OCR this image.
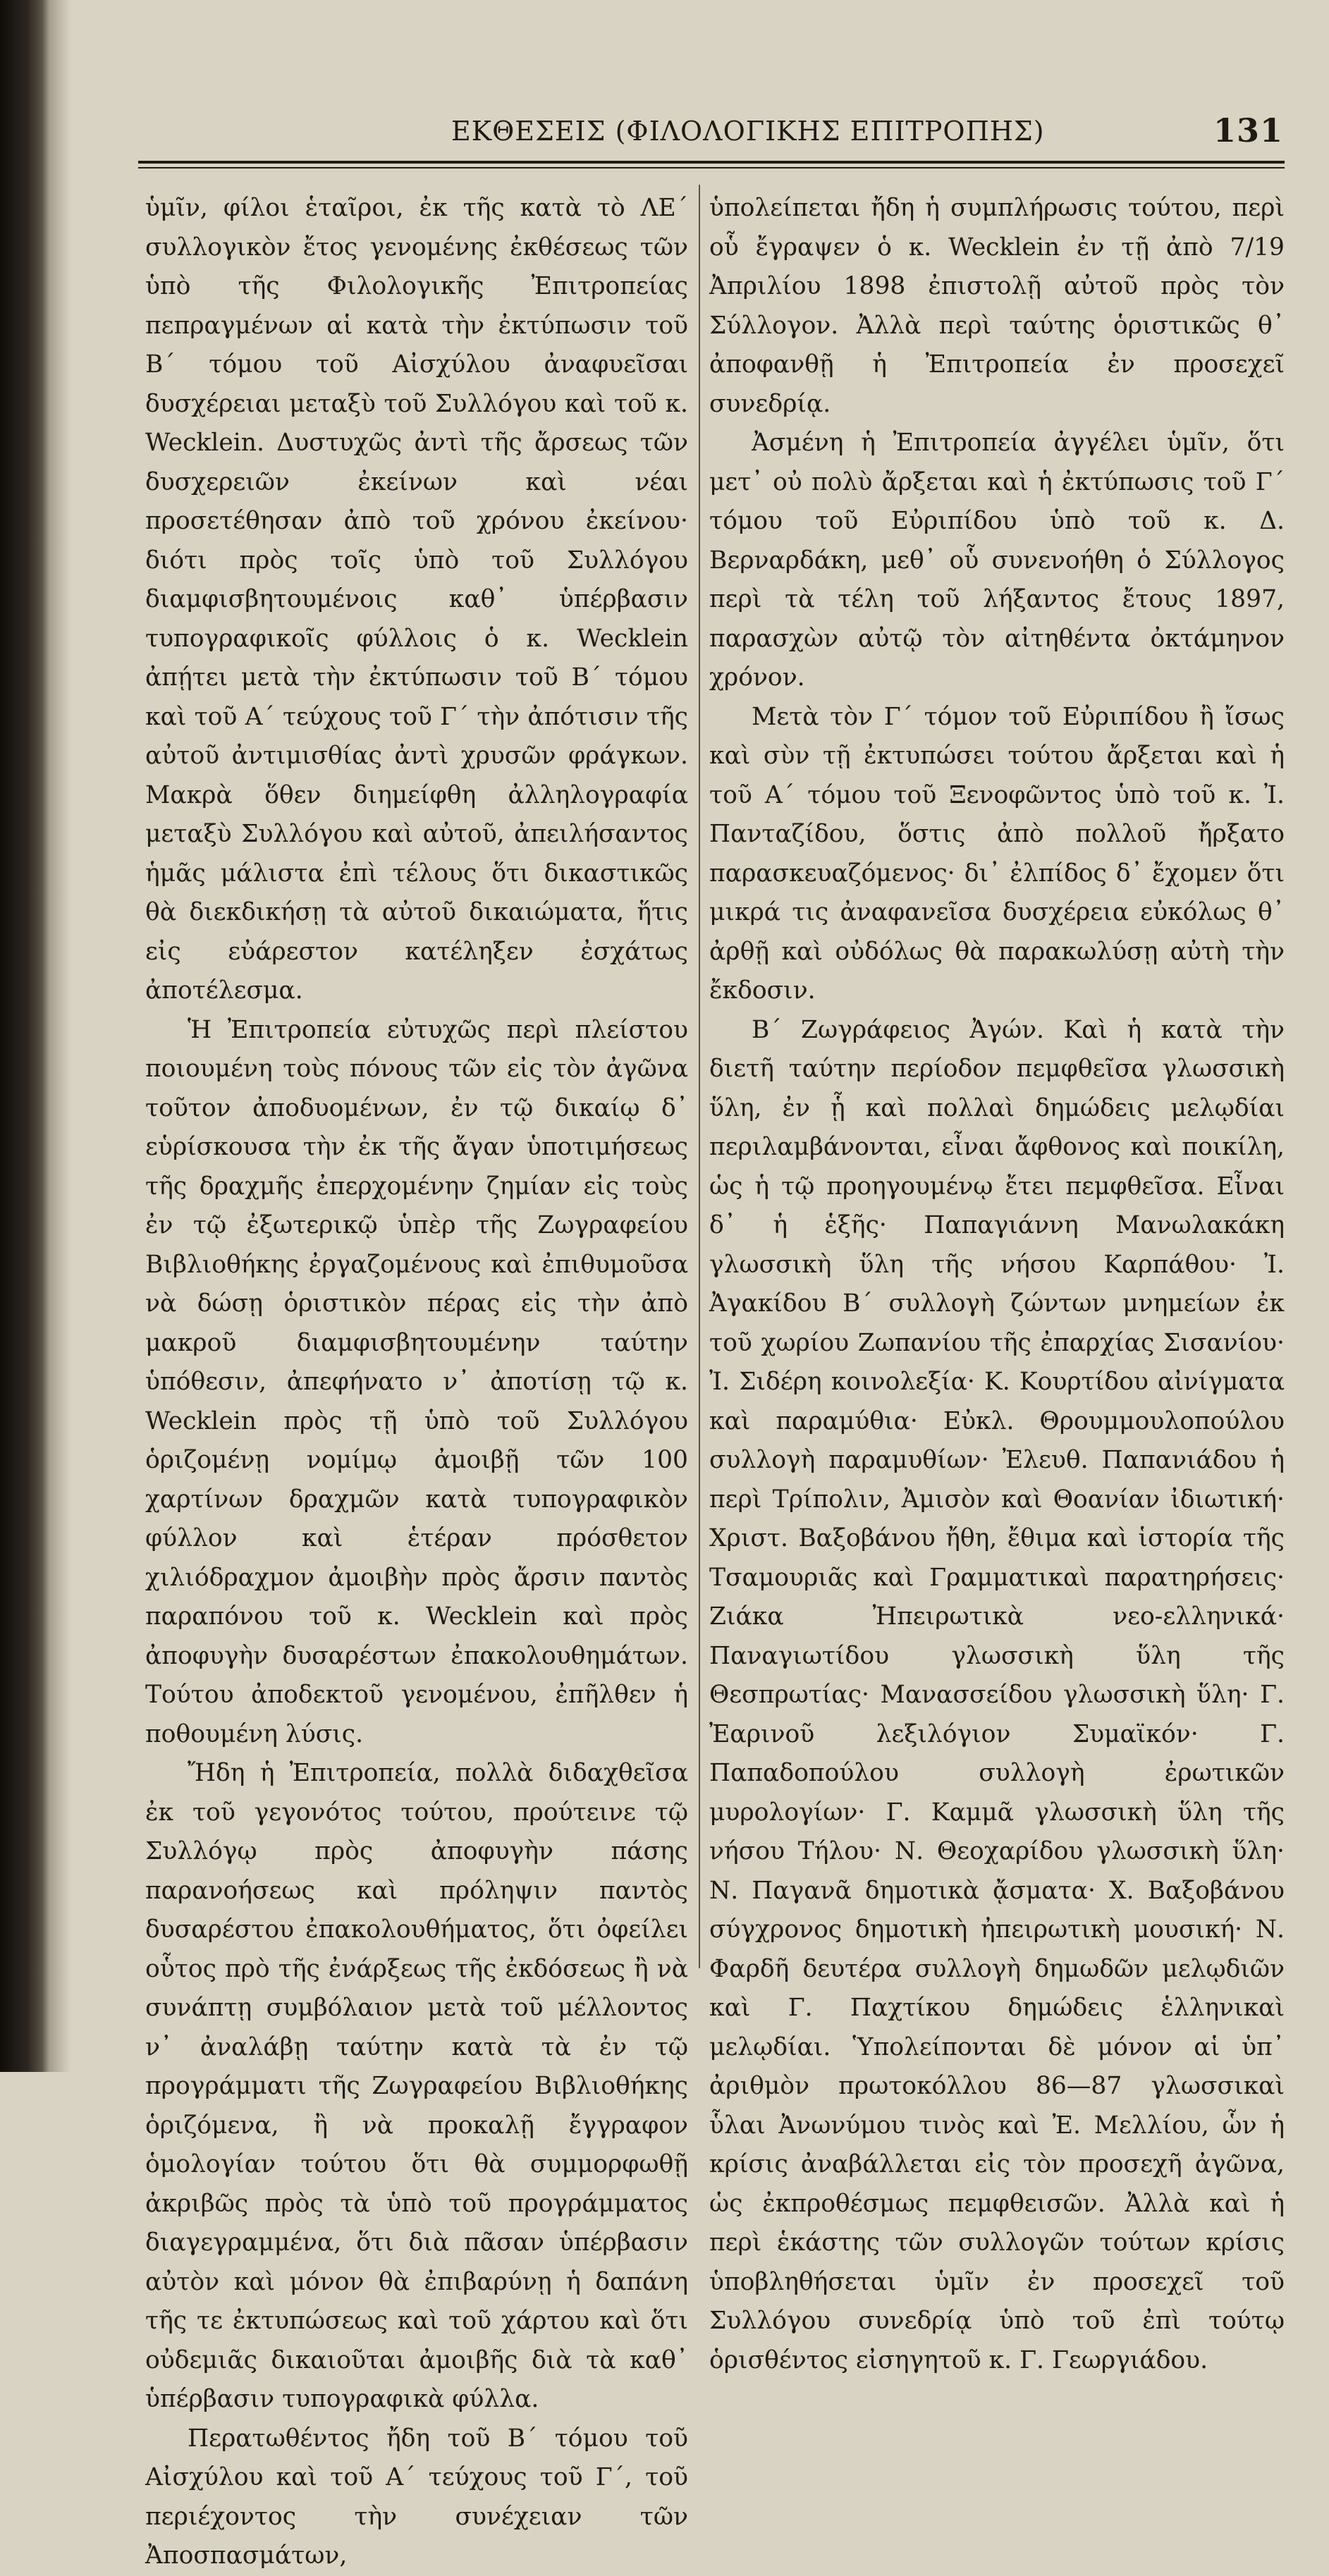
ΕΚΘΕΣΕΙΣ (ΦΙΛΟΛΟΓΙΚΗΣ ΕΠΙΤΡΟΠΗΣ)	131

ὑμῖν, φίλοι ἑταῖροι, ἐκ τῆς κατὰ τὸ ΛΕ΄ συλλογικὸν ἔτος γενομένης ἐκθέσεως τῶν ὑπὸ τῆς Φιλολογικῆς Ἐπιτροπείας πεπραγμένων αἱ κατὰ τὴν ἐκτύπωσιν τοῦ Β΄ τόμου τοῦ Αἰσχύλου ἀναφυεῖσαι δυσχέρειαι μεταξὺ τοῦ Συλλόγου καὶ τοῦ κ. Wecklein. Δυστυχῶς ἀντὶ τῆς ἄρσεως τῶν δυσχερειῶν ἐκείνων καὶ νέαι προσετέθησαν ἀπὸ τοῦ χρόνου ἐκείνου· διότι πρὸς τοῖς ὑπὸ τοῦ Συλλόγου διαμφισβητουμένοις καθ᾽ ὑπέρβασιν τυπογραφικοῖς φύλλοις ὁ κ. Wecklein ἀπῄτει μετὰ τὴν ἐκτύπωσιν τοῦ Β΄ τόμου καὶ τοῦ Α΄ τεύχους τοῦ Γ΄ τὴν ἀπότισιν τῆς αὐτοῦ ἀντιμισθίας ἀντὶ χρυσῶν φράγκων. Μακρὰ ὅθεν διημείφθη ἀλληλογραφία μεταξὺ Συλλόγου καὶ αὐτοῦ, ἀπειλήσαντος ἡμᾶς μάλιστα ἐπὶ τέλους ὅτι δικαστικῶς θὰ διεκδικήσῃ τὰ αὐτοῦ δικαιώματα, ἥτις εἰς εὐάρεστον κατέληξεν ἐσχάτως ἀποτέλεσμα.

Ἡ Ἐπιτροπεία εὐτυχῶς περὶ πλείστου ποιουμένη τοὺς πόνους τῶν εἰς τὸν ἀγῶνα τοῦτον ἀποδυομένων, ἐν τῷ δικαίῳ δ᾽ εὑρίσκουσα τὴν ἐκ τῆς ἄγαν ὑποτιμήσεως τῆς δραχμῆς ἐπερχομένην ζημίαν εἰς τοὺς ἐν τῷ ἐξωτερικῷ ὑπὲρ τῆς Ζωγραφείου Βιβλιοθήκης ἐργαζομένους καὶ ἐπιθυμοῦσα νὰ δώσῃ ὁριστικὸν πέρας εἰς τὴν ἀπὸ μακροῦ διαμφισβητουμένην ταύτην ὑπόθεσιν, ἀπεφήνατο ν᾽ ἀποτίσῃ τῷ κ. Wecklein πρὸς τῇ ὑπὸ τοῦ Συλλόγου ὁριζομένῃ νομίμῳ ἀμοιβῇ τῶν 100 χαρτίνων δραχμῶν κατὰ τυπογραφικὸν φύλλον καὶ ἑτέραν πρόσθετον χιλιόδραχμον ἀμοιβὴν πρὸς ἄρσιν παντὸς παραπόνου τοῦ κ. Wecklein καὶ πρὸς ἀποφυγὴν δυσαρέστων ἐπακολουθημάτων. Τούτου ἀποδεκτοῦ γενομένου, ἐπῆλθεν ἡ ποθουμένη λύσις.

Ἤδη ἡ Ἐπιτροπεία, πολλὰ διδαχθεῖσα ἐκ τοῦ γεγονότος τούτου, προύτεινε τῷ Συλλόγῳ πρὸς ἀποφυγὴν πάσης παρανοήσεως καὶ πρόληψιν παντὸς δυσαρέστου ἐπακολουθήματος, ὅτι ὀφείλει οὗτος πρὸ τῆς ἐνάρξεως τῆς ἐκδόσεως ἢ νὰ συνάπτῃ συμβόλαιον μετὰ τοῦ μέλλοντος ν᾽ ἀναλάβῃ ταύτην κατὰ τὰ ἐν τῷ προγράμματι τῆς Ζωγραφείου Βιβλιοθήκης ὁριζόμενα, ἢ νὰ προκαλῇ ἔγγραφον ὁμολογίαν τούτου ὅτι θὰ συμμορφωθῇ ἀκριβῶς πρὸς τὰ ὑπὸ τοῦ προγράμματος διαγεγραμμένα, ὅτι διὰ πᾶσαν ὑπέρβασιν αὐτὸν καὶ μόνον θὰ ἐπιβαρύνῃ ἡ δαπάνη τῆς τε ἐκτυπώσεως καὶ τοῦ χάρτου καὶ ὅτι οὐδεμιᾶς δικαιοῦται ἀμοιβῆς διὰ τὰ καθ᾽ ὑπέρβασιν τυπογραφικὰ φύλλα.

Περατωθέντος ἤδη τοῦ Β΄ τόμου τοῦ Αἰσχύλου καὶ τοῦ Α΄ τεύχους τοῦ Γ΄, τοῦ περιέχοντος τὴν συνέχειαν τῶν Ἀποσπασμάτων,

ὑπολείπεται ἤδη ἡ συμπλήρωσις τούτου, περὶ οὗ ἔγραψεν ὁ κ. Wecklein ἐν τῇ ἀπὸ 7/19 Ἀπριλίου 1898 ἐπιστολῇ αὐτοῦ πρὸς τὸν Σύλλογον. Ἀλλὰ περὶ ταύτης ὁριστικῶς θ᾽ ἀποφανθῇ ἡ Ἐπιτροπεία ἐν προσεχεῖ συνεδρίᾳ.

Ἀσμένη ἡ Ἐπιτροπεία ἀγγέλει ὑμῖν, ὅτι μετ᾽ οὐ πολὺ ἄρξεται καὶ ἡ ἐκτύπωσις τοῦ Γ΄ τόμου τοῦ Εὐριπίδου ὑπὸ τοῦ κ. Δ. Βερναρδάκη, μεθ᾽ οὗ συνενοήθη ὁ Σύλλογος περὶ τὰ τέλη τοῦ λήξαντος ἔτους 1897, παρασχὼν αὐτῷ τὸν αἰτηθέντα ὀκτάμηνον χρόνον.

Μετὰ τὸν Γ΄ τόμον τοῦ Εὐριπίδου ἢ ἴσως καὶ σὺν τῇ ἐκτυπώσει τούτου ἄρξεται καὶ ἡ τοῦ Α΄ τόμου τοῦ Ξενοφῶντος ὑπὸ τοῦ κ. Ἰ. Πανταζίδου, ὅστις ἀπὸ πολλοῦ ἤρξατο παρασκευαζόμενος· δι᾽ ἐλπίδος δ᾽ ἔχομεν ὅτι μικρά τις ἀναφανεῖσα δυσχέρεια εὐκόλως θ᾽ ἀρθῇ καὶ οὐδόλως θὰ παρακωλύσῃ αὐτὴ τὴν ἔκδοσιν.

Β΄ Ζωγράφειος Ἀγών. Καὶ ἡ κατὰ τὴν διετῆ ταύτην περίοδον πεμφθεῖσα γλωσσικὴ ὕλη, ἐν ᾗ καὶ πολλαὶ δημώδεις μελῳδίαι περιλαμβάνονται, εἶναι ἄφθονος καὶ ποικίλη, ὡς ἡ τῷ προηγουμένῳ ἔτει πεμφθεῖσα. Εἶναι δ᾽ ἡ ἑξῆς· Παπαγιάννη Μανωλακάκη γλωσσικὴ ὕλη τῆς νήσου Καρπάθου· Ἰ. Ἀγακίδου Β΄ συλλογὴ ζώντων μνημείων ἐκ τοῦ χωρίου Ζωπανίου τῆς ἐπαρχίας Σισανίου· Ἰ. Σιδέρη κοινολεξία· Κ. Κουρτίδου αἰνίγματα καὶ παραμύθια· Εὐκλ. Θρουμμουλοπούλου συλλογὴ παραμυθίων· Ἐλευθ. Παπανιάδου ἡ περὶ Τρίπολιν, Ἀμισὸν καὶ Θοανίαν ἰδιωτική· Χριστ. Βαξοβάνου ἤθη, ἔθιμα καὶ ἱστορία τῆς Τσαμουριᾶς καὶ Γραμματικαὶ παρατηρήσεις· Ζιάκα Ἠπειρωτικὰ νεο-ελληνικά· Παναγιωτίδου γλωσσικὴ ὕλη τῆς Θεσπρωτίας· Μανασσείδου γλωσσικὴ ὕλη· Γ. Ἐαρινοῦ λεξιλόγιον Συμαϊκόν· Γ. Παπαδοπούλου συλλογὴ ἐρωτικῶν μυρολογίων· Γ. Καμμᾶ γλωσσικὴ ὕλη τῆς νήσου Τήλου· Ν. Θεοχαρίδου γλωσσικὴ ὕλη· Ν. Παγανᾶ δημοτικὰ ᾄσματα· Χ. Βαξοβάνου σύγχρονος δημοτικὴ ἠπειρωτικὴ μουσική· Ν. Φαρδῆ δευτέρα συλλογὴ δημωδῶν μελῳδιῶν καὶ Γ. Παχτίκου δημώδεις ἑλληνικαὶ μελῳδίαι. Ὑπολείπονται δὲ μόνον αἱ ὑπ᾽ ἀριθμὸν πρωτοκόλλου 86—87 γλωσσικαὶ ὗλαι Ἀνωνύμου τινὸς καὶ Ἐ. Μελλίου, ὧν ἡ κρίσις ἀναβάλλεται εἰς τὸν προσεχῆ ἀγῶνα, ὡς ἐκπροθέσμως πεμφθεισῶν. Ἀλλὰ καὶ ἡ περὶ ἑκάστης τῶν συλλογῶν τούτων κρίσις ὑποβληθήσεται ὑμῖν ἐν προσεχεῖ τοῦ Συλλόγου συνεδρίᾳ ὑπὸ τοῦ ἐπὶ τούτῳ ὁρισθέντος εἰσηγητοῦ κ. Γ. Γεωργιάδου.
